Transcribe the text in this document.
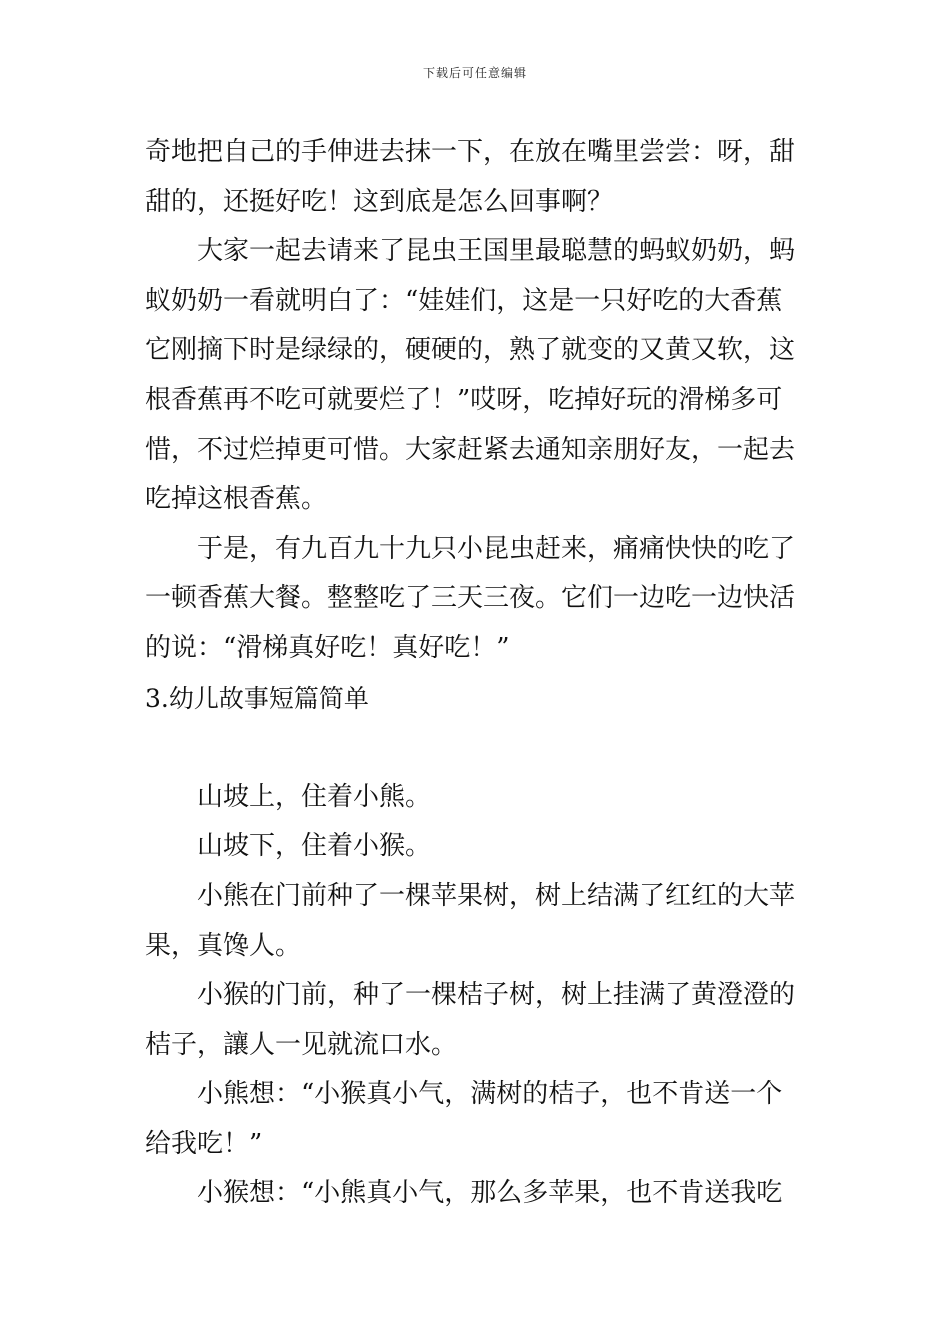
下载后可任意编辑
奇地把自己的手伸进去抹一下，在放在嘴里尝尝：呀，甜
甜的，还挺好吃！这到底是怎么回事啊？
大家一起去请来了昆虫王国里最聪慧的蚂蚁奶奶，蚂
蚁奶奶一看就明白了：“娃娃们，这是一只好吃的大香蕉
它刚摘下时是绿绿的，硬硬的，熟了就变的又黄又软，这
根香蕉再不吃可就要烂了！”哎呀，吃掉好玩的滑梯多可
惜，不过烂掉更可惜。大家赶紧去通知亲朋好友，一起去
吃掉这根香蕉。
于是，有九百九十九只小昆虫赶来，痛痛快快的吃了
一顿香蕉大餐。整整吃了三天三夜。它们一边吃一边快活
的说：“滑梯真好吃！真好吃！”
3.幼儿故事短篇简单
山坡上，住着小熊。
山坡下，住着小猴。
小熊在门前种了一棵苹果树，树上结满了红红的大苹
果，真馋人。
小猴的门前，种了一棵桔子树，树上挂满了黄澄澄的
桔子，讓人一见就流口水。
小熊想：“小猴真小气，满树的桔子，也不肯送一个
给我吃！”
小猴想：“小熊真小气，那么多苹果，也不肯送我吃
